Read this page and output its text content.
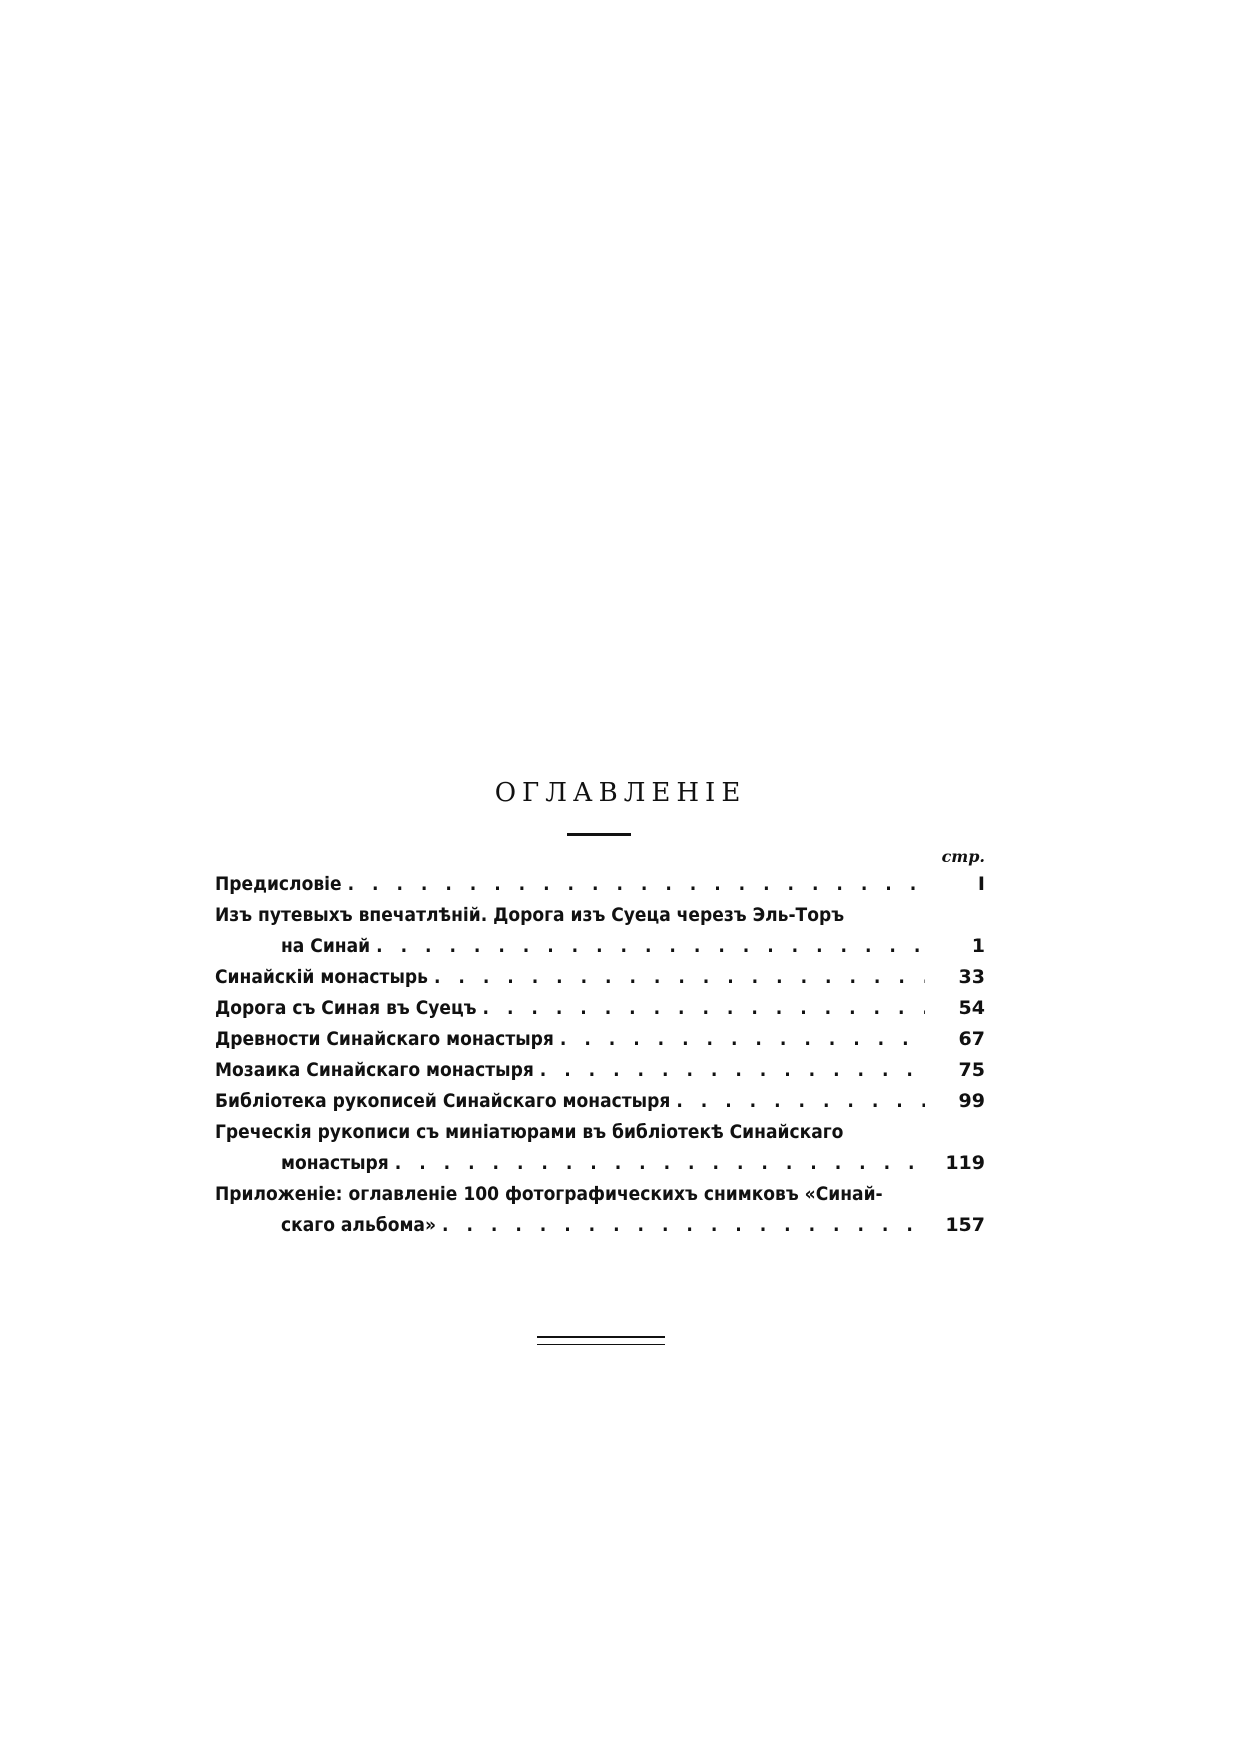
ОГЛАВЛЕНІЕ
стр.
Предисловіе . . .	I
Изъ путевыхъ впечатлѣній. Дорога изъ Суеца черезъ Эль-Торъ
на Синай . . .	1
Синайскій монастырь . . .	33
Дорога съ Синая въ Суецъ . . .	54
Древности Синайскаго монастыря . . .	67
Мозаика Синайскаго монастыря . . .	75
Библіотека рукописей Синайскаго монастыря . . .	99
Греческія рукописи съ миніатюрами въ библіотекѣ Синайскаго
монастыря . . .	119
Приложеніе: оглавленіе 100 фотографическихъ снимковъ «Синай-
скаго альбома» . . .	157
